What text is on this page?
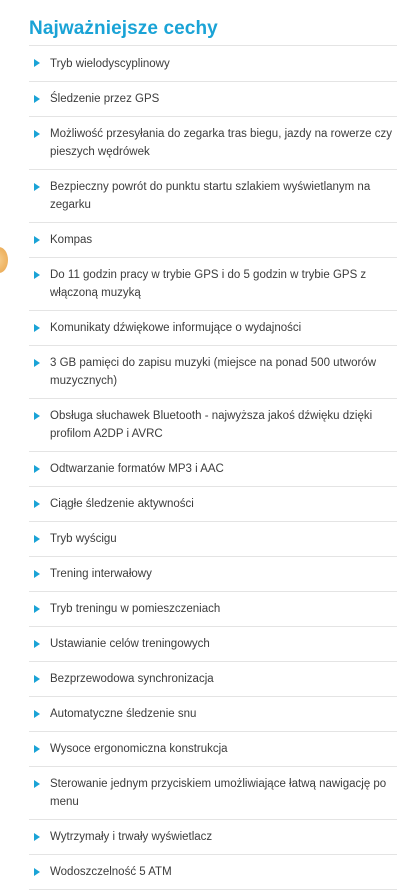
Najważniejsze cechy
Tryb wielodyscyplinowy
Śledzenie przez GPS
Możliwość przesyłania do zegarka tras biegu, jazdy na rowerze czy pieszych wędrówek
Bezpieczny powrót do punktu startu szlakiem wyświetlanym na zegarku
Kompas
Do 11 godzin pracy w trybie GPS i do 5 godzin w trybie GPS z włączoną muzyką
Komunikaty dźwiękowe informujące o wydajności
3 GB pamięci do zapisu muzyki (miejsce na ponad 500 utworów muzycznych)
Obsługa słuchawek Bluetooth - najwyższa jakoś dźwięku dzięki profilom A2DP i AVRC
Odtwarzanie formatów MP3 i AAC
Ciągłe śledzenie aktywności
Tryb wyścigu
Trening interwałowy
Tryb treningu w pomieszczeniach
Ustawianie celów treningowych
Bezprzewodowa synchronizacja
Automatyczne śledzenie snu
Wysoce ergonomiczna konstrukcja
Sterowanie jednym przyciskiem umożliwiające łatwą nawigację po menu
Wytrzymały i trwały wyświetlacz
Wodoszczelność 5 ATM
